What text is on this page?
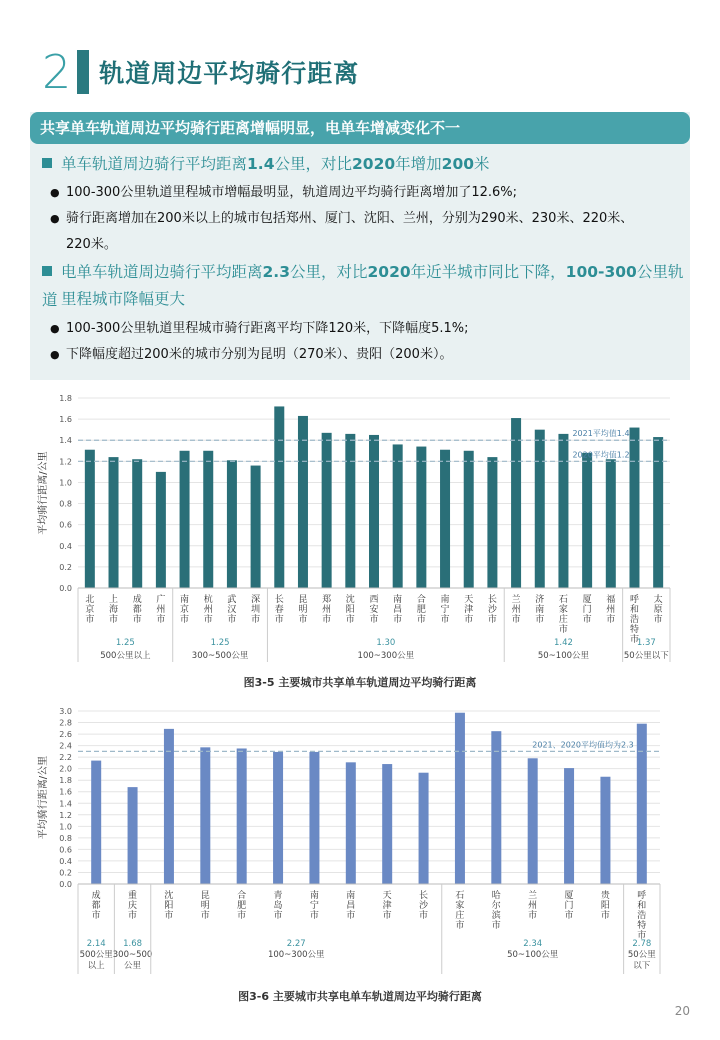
2 轨道周边平均骑行距离
共享单车轨道周边平均骑行距离增幅明显，电单车增减变化不一
单车轨道周边骑行平均距离1.4公里，对比2020年增加200米
● 100-300公里轨道里程城市增幅最明显，轨道周边平均骑行距离增加了12.6%;
● 骑行距离增加在200米以上的城市包括郑州、厦门、沈阳、兰州，分别为290米、230米、220米、
220米。
电单车轨道周边骑行平均距离2.3公里，对比2020年近半城市同比下降，100-300公里轨道 里程城市降幅更大
● 100-300公里轨道里程城市骑行距离平均下降120米，下降幅度5.1%;
● 下降幅度超过200米的城市分别为昆明（270米）、贵阳（200米）。
平均骑行距离/公里
0.0
0.2
0.4
0.6
0.8
1.0
1.2
1.4
1.6
1.8
2021平均值1.4
2020平均值1.2
北京市
上海市
成都市
广州市
南京市
杭州市
武汉市
深圳市
长春市
昆明市
郑州市
沈阳市
西安市
南昌市
合肥市
南宁市
天津市
长沙市
兰州市
济南市
石家庄市
厦门市
福州市
呼和浩特市
太原市
1.25
500公里以上
1.25
300~500公里
1.30
100~300公里
1.42
50~100公里
1.37
50公里以下
图3-5 主要城市共享单车轨道周边平均骑行距离
平均骑行距离/公里
0.0
0.2
0.4
0.6
0.8
1.0
1.2
1.4
1.6
1.8
2.0
2.2
2.4
2.6
2.8
3.0
2021、2020平均值均为2.3
成都市
重庆市
沈阳市
昆明市
合肥市
青岛市
南宁市
南昌市
天津市
长沙市
石家庄市
哈尔滨市
兰州市
厦门市
贵阳市
呼和浩特市
2.14
500公里以上
1.68
300~500 公里
2.27
100~300公里
2.34
50~100公里
2.78
50公里以下
图3-6 主要城市共享电单车轨道周边平均骑行距离
20
